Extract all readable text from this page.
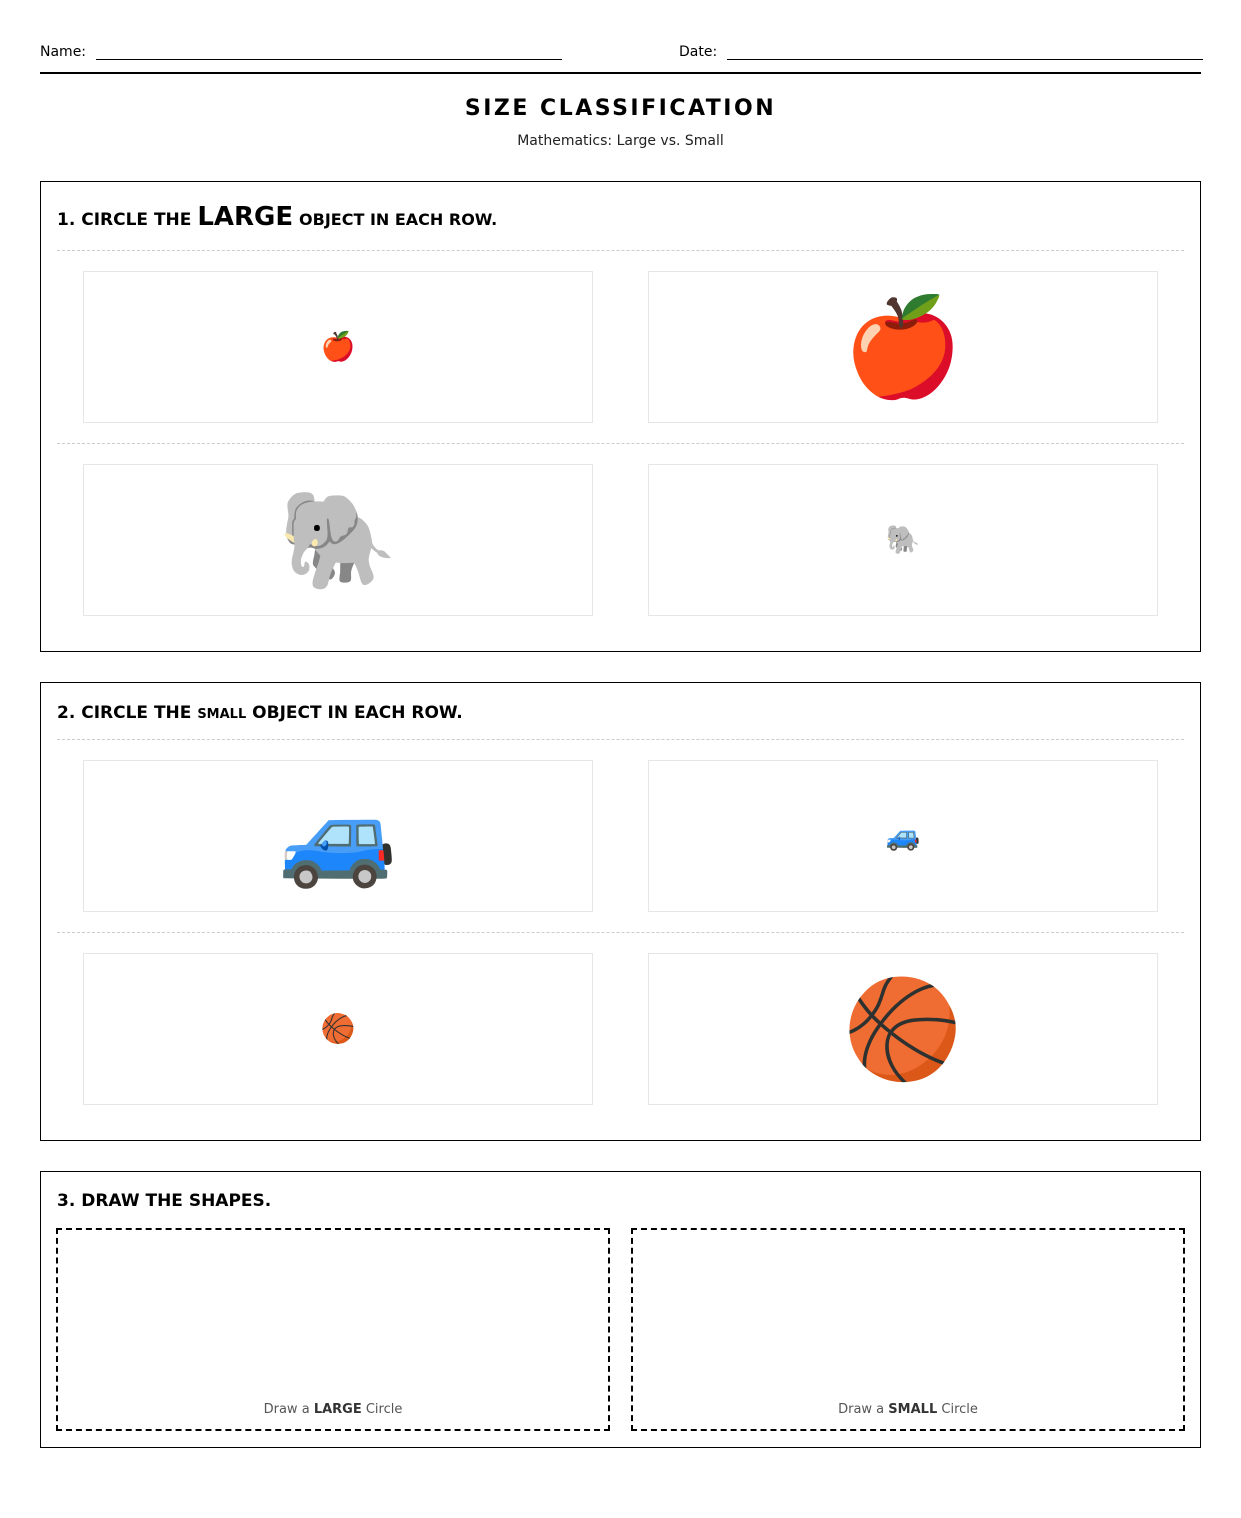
Name:	Date:
SIZE CLASSIFICATION
Mathematics: Large vs. Small
1. CIRCLE THE LARGE OBJECT IN EACH ROW.
🍎	🍎
🐘	🐘
2. CIRCLE THE SMALL OBJECT IN EACH ROW.
🚙	🚙
🏀	🏀
3. DRAW THE SHAPES.
Draw a LARGE Circle	Draw a SMALL Circle
